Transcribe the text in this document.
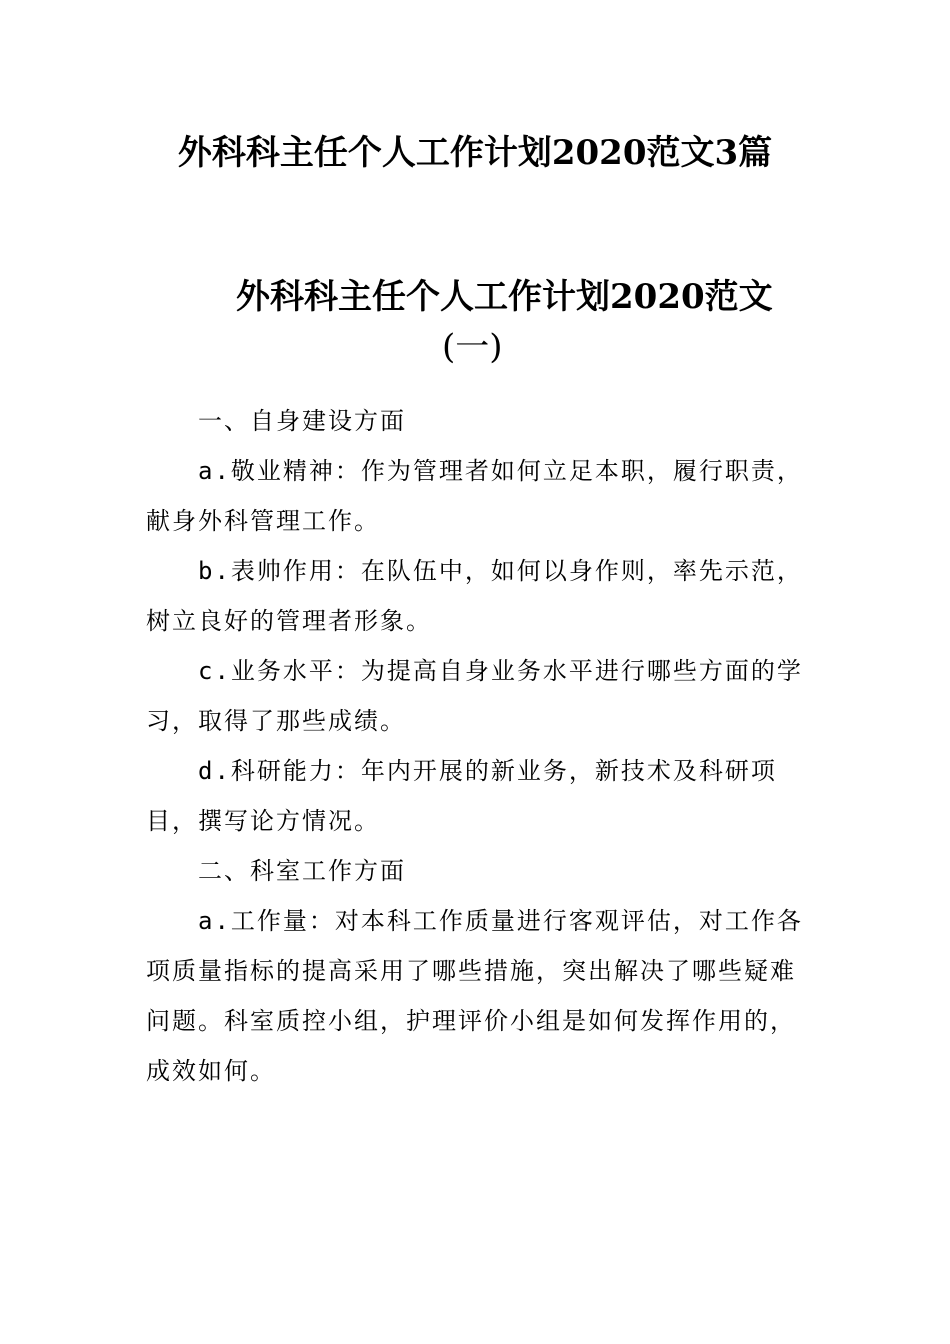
外科科主任个人工作计划2020范文3篇
外科科主任个人工作计划2020范文
(一)

一、自身建设方面

a.敬业精神：作为管理者如何立足本职，履行职责，献身外科管理工作。

b.表帅作用：在队伍中，如何以身作则，率先示范，树立良好的管理者形象。

c.业务水平：为提高自身业务水平进行哪些方面的学习，取得了那些成绩。

d.科研能力：年内开展的新业务，新技术及科研项目，撰写论方情况。

二、科室工作方面

a.工作量：对本科工作质量进行客观评估，对工作各项质量指标的提高采用了哪些措施，突出解决了哪些疑难问题。科室质控小组，护理评价小组是如何发挥作用的，成效如何。
